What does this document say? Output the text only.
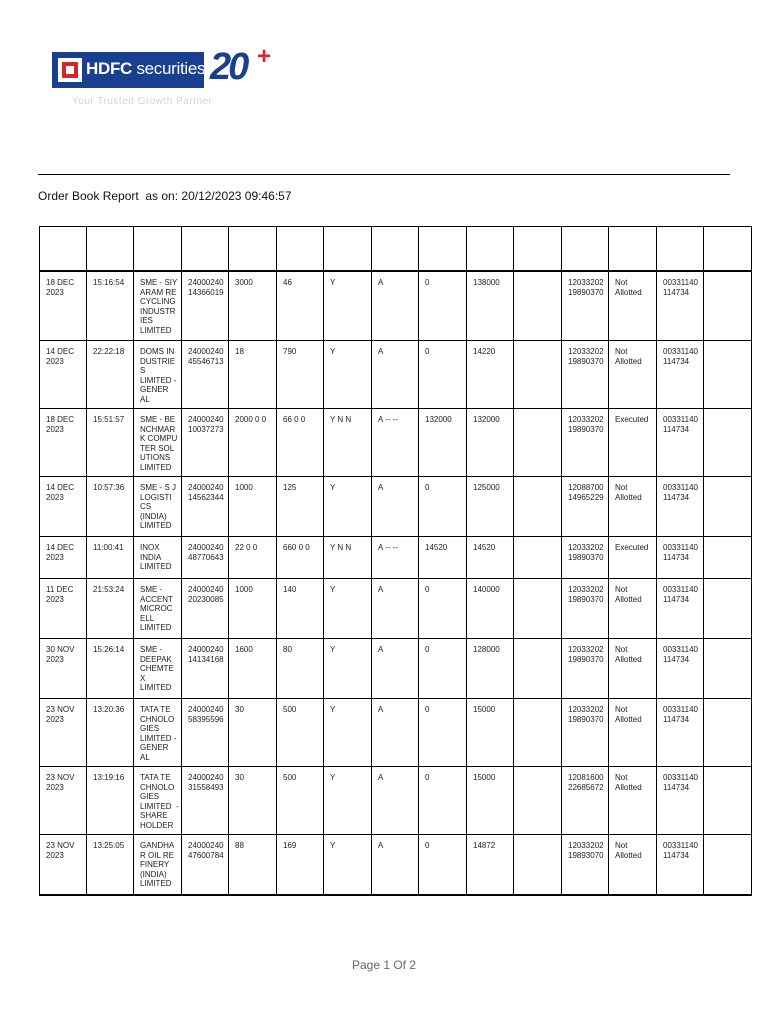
HDFC securities 20 +
Your Trusted Growth Partner
Order Book Report  as on: 20/12/2023 09:46:57

18 DEC 2023	15:16:54	SME - SIY ARAM RE CYCLING  INDUSTR IES LIMITED	24000240 14366019	3000	46	Y	A	0	138000		12033202 19890370	Not Allotted	00331140 114734	
14 DEC 2023	22:22:18	DOMS IN DUSTRIE S LIMITED - GENER AL	24000240 45546713	18	790	Y	A	0	14220		12033202 19890370	Not Allotted	00331140 114734	
18 DEC 2023	15:51:57	SME - BE NCHMAR K COMPU TER SOL UTIONS LIMITED	24000240 10037273	2000 0 0	66 0 0	Y N N	A -- --	132000	132000		12033202 19890370	Executed	00331140 114734	
14 DEC 2023	10:57:36	SME - S J LOGISTI CS (INDIA) LIMITED	24000240 14562344	1000	125	Y	A	0	125000		12088700 14965229	Not Allotted	00331140 114734	
14 DEC 2023	11:00:41	INOX INDIA LIMITED	24000240 48770643	22 0 0	660 0 0	Y N N	A -- --	14520	14520		12033202 19890370	Executed	00331140 114734	
11 DEC 2023	21:53:24	SME - ACCENT MICROC ELL LIMITED	24000240 20230085	1000	140	Y	A	0	140000		12033202 19890370	Not Allotted	00331140 114734	
30 NOV 2023	15:26:14	SME - DEEPAK CHEMTE X LIMITED	24000240 14134168	1600	80	Y	A	0	128000		12033202 19890370	Not Allotted	00331140 114734	
23 NOV 2023	13:20:36	TATA TE CHNOLO GIES LIMITED - GENER AL	24000240 58395596	30	500	Y	A	0	15000		12033202 19890370	Not Allotted	00331140 114734	
23 NOV 2023	13:19:16	TATA TE CHNOLO GIES LIMITED  -  SHARE HOLDER	24000240 31558493	30	500	Y	A	0	15000		12081600 22685672	Not Allotted	00331140 114734	
23 NOV 2023	13:25:05	GANDHA R OIL RE FINERY (INDIA) LIMITED	24000240 47600784	88	169	Y	A	0	14872		12033202 19893070	Not Allotted	00331140 114734	
Page 1 Of 2
